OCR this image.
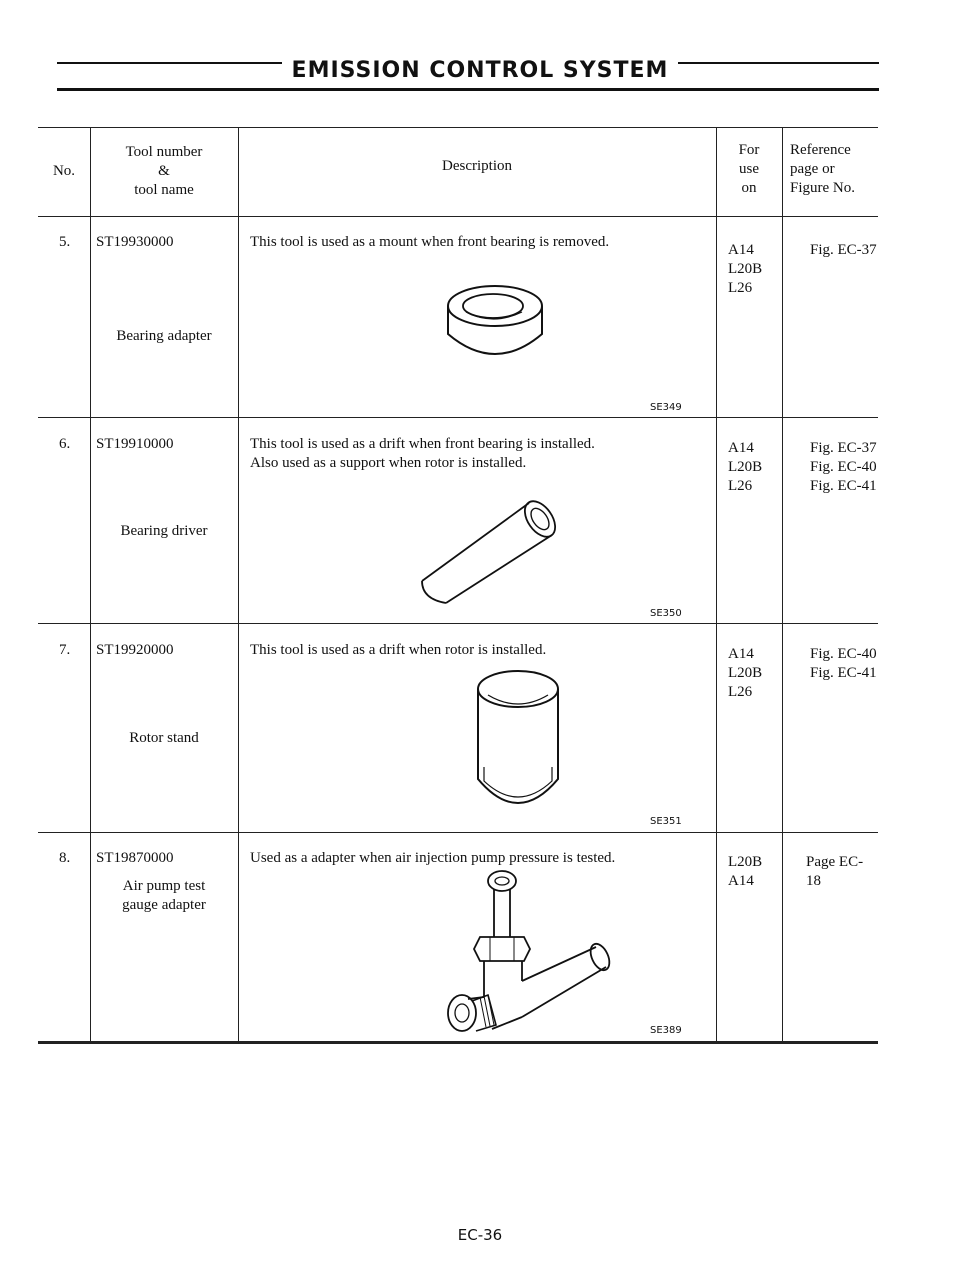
EMISSION CONTROL SYSTEM
No.
Tool number
&
tool name
Description
For
use
on
Reference
page or
Figure No.
5. ST19930000
Bearing adapter
This tool is used as a mount when front bearing is removed.
SE349
A14
L20B
L26
Fig. EC-37
6. ST19910000
Bearing driver
This tool is used as a drift when front bearing is installed.
Also used as a support when rotor is installed.
SE350
A14
L20B
L26
Fig. EC-37
Fig. EC-40
Fig. EC-41
7. ST19920000
Rotor stand
This tool is used as a drift when rotor is installed.
SE351
A14
L20B
L26
Fig. EC-40
Fig. EC-41
8. ST19870000
Air pump test
gauge adapter
Used as a adapter when air injection pump pressure is tested.
SE389
L20B
A14
Page EC-18
EC-36
